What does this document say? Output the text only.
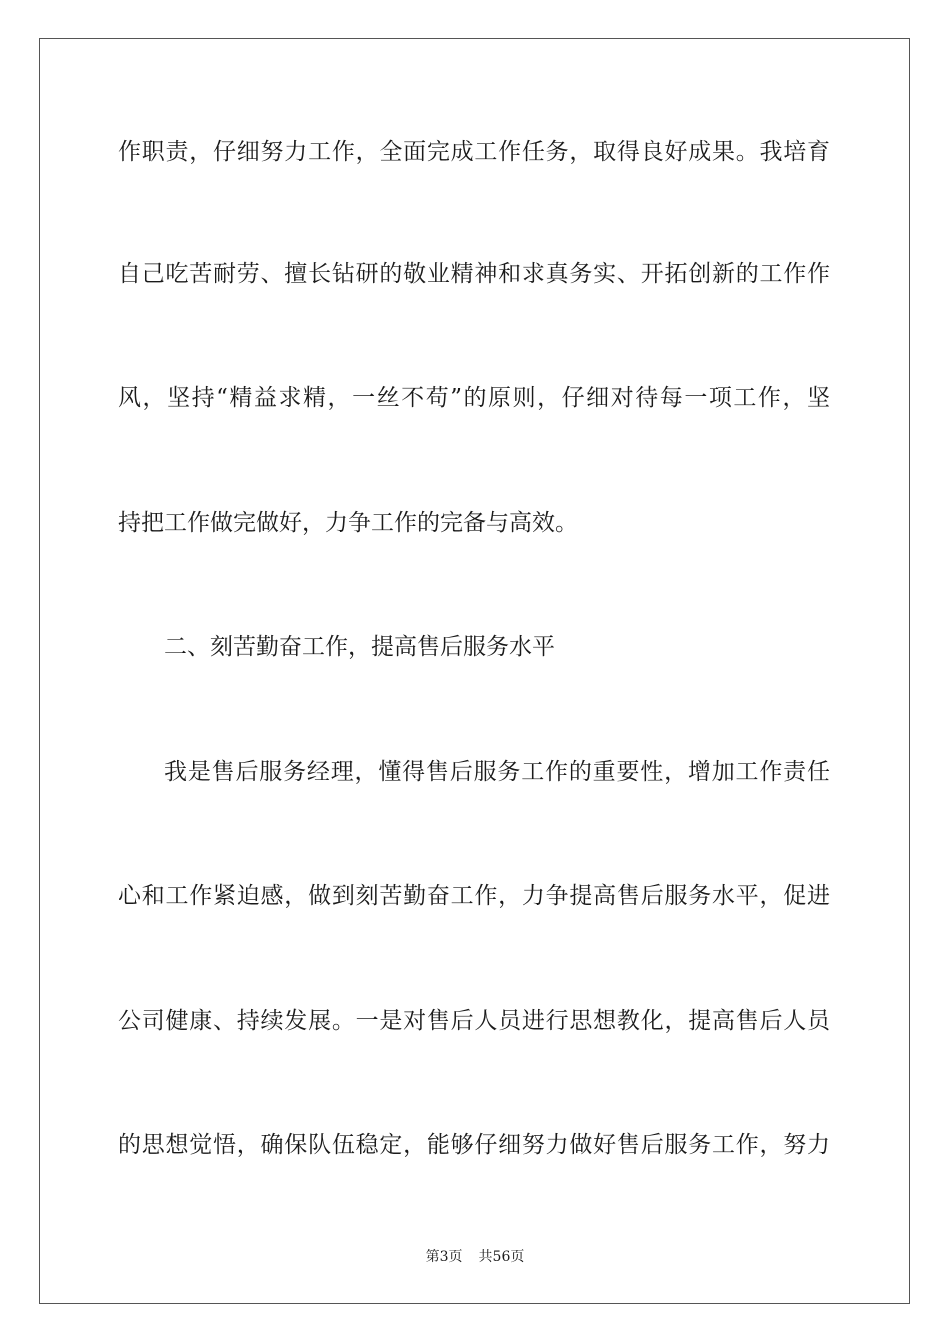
作职责，仔细努力工作，全面完成工作任务，取得良好成果。我培育
自己吃苦耐劳、擅长钻研的敬业精神和求真务实、开拓创新的工作作
风，坚持“精益求精，一丝不苟”的原则，仔细对待每一项工作，坚
持把工作做完做好，力争工作的完备与高效。
二、刻苦勤奋工作，提高售后服务水平
我是售后服务经理，懂得售后服务工作的重要性，增加工作责任
心和工作紧迫感，做到刻苦勤奋工作，力争提高售后服务水平，促进
公司健康、持续发展。一是对售后人员进行思想教化，提高售后人员
的思想觉悟，确保队伍稳定，能够仔细努力做好售后服务工作，努力
第3页 共56页
